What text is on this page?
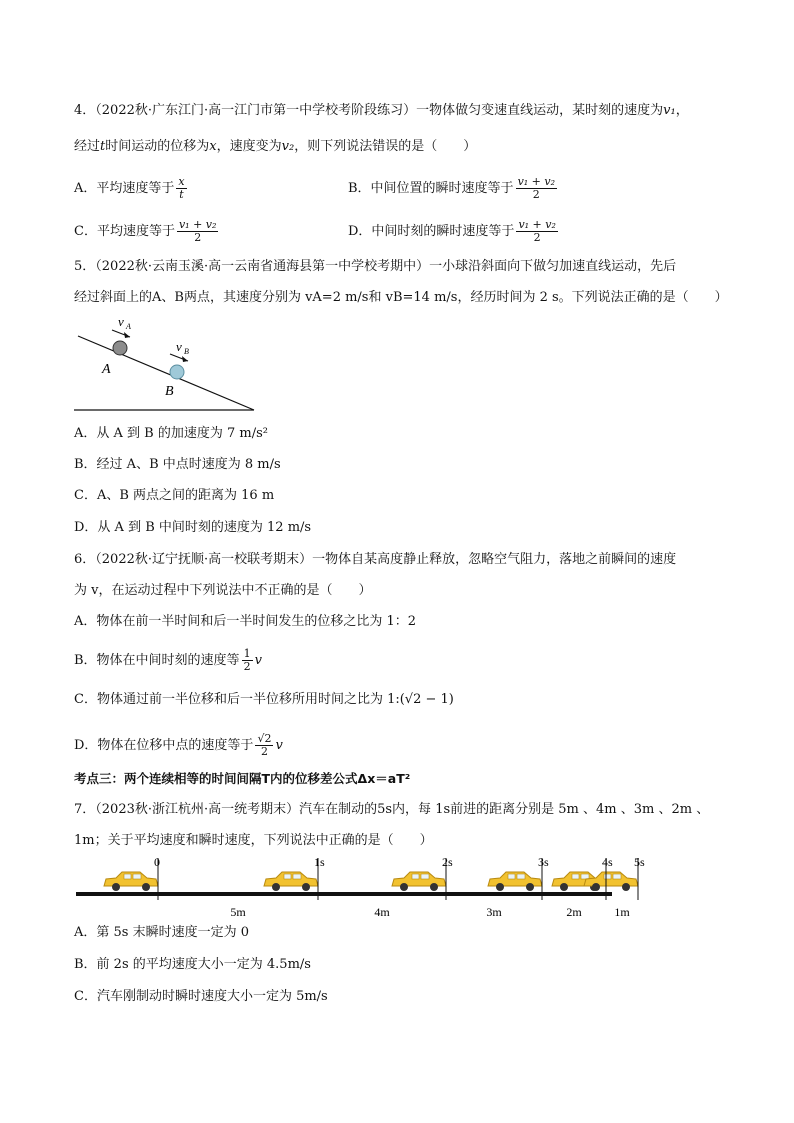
4．（2022秋·广东江门·高一江门市第一中学校考阶段练习）一物体做匀变速直线运动，某时刻的速度为v₁，
经过t时间运动的位移为x，速度变为v₂，则下列说法错误的是（　　）
A．平均速度等于 $\frac{x}{t}$	B．中间位置的瞬时速度等于 $\frac{\text{v₁ + v₂}}{2}$
C．平均速度等于 $\frac{\text{v₁ + v₂}}{2}$	D．中间时刻的瞬时速度等于 $\frac{\text{v₁ + v₂}}{2}$
5．（2022秋·云南玉溪·高一云南省通海县第一中学校考期中）一小球沿斜面向下做匀加速直线运动，先后
经过斜面上的A、B两点，其速度分别为 vA=2 m/s和 vB=14 m/s，经历时间为 2 s。下列说法正确的是（　　）
v A
v B
A
B
A．从 A 到 B 的加速度为 7 m/s²
B．经过 A、B 中点时速度为 8 m/s
C．A、B 两点之间的距离为 16 m
D．从 A 到 B 中间时刻的速度为 12 m/s
6．（2022秋·辽宁抚顺·高一校联考期末）一物体自某高度静止释放，忽略空气阻力，落地之前瞬间的速度
为 v，在运动过程中下列说法中不正确的是（　　）
A．物体在前一半时间和后一半时间发生的位移之比为 1：2
B．物体在中间时刻的速度等 $\frac{1}{2}$ v
C．物体通过前一半位移和后一半位移所用时间之比为 1:(√2 − 1)
D．物体在位移中点的速度等于 $\frac{√2}{2}$ v
考点三：两个连续相等的时间间隔T内的位移差公式Δx＝aT²
7．（2023秋·浙江杭州·高一统考期末）汽车在制动的5s内，每 1s前进的距离分别是 5m 、4m 、3m 、2m 、
1m；关于平均速度和瞬时速度，下列说法中正确的是（　　）
0	1s	2s	3s	4s 5s
5m	4m	3m	2m	1m
A．第 5s 末瞬时速度一定为 0
B．前 2s 的平均速度大小一定为 4.5m/s
C．汽车刚制动时瞬时速度大小一定为 5m/s
